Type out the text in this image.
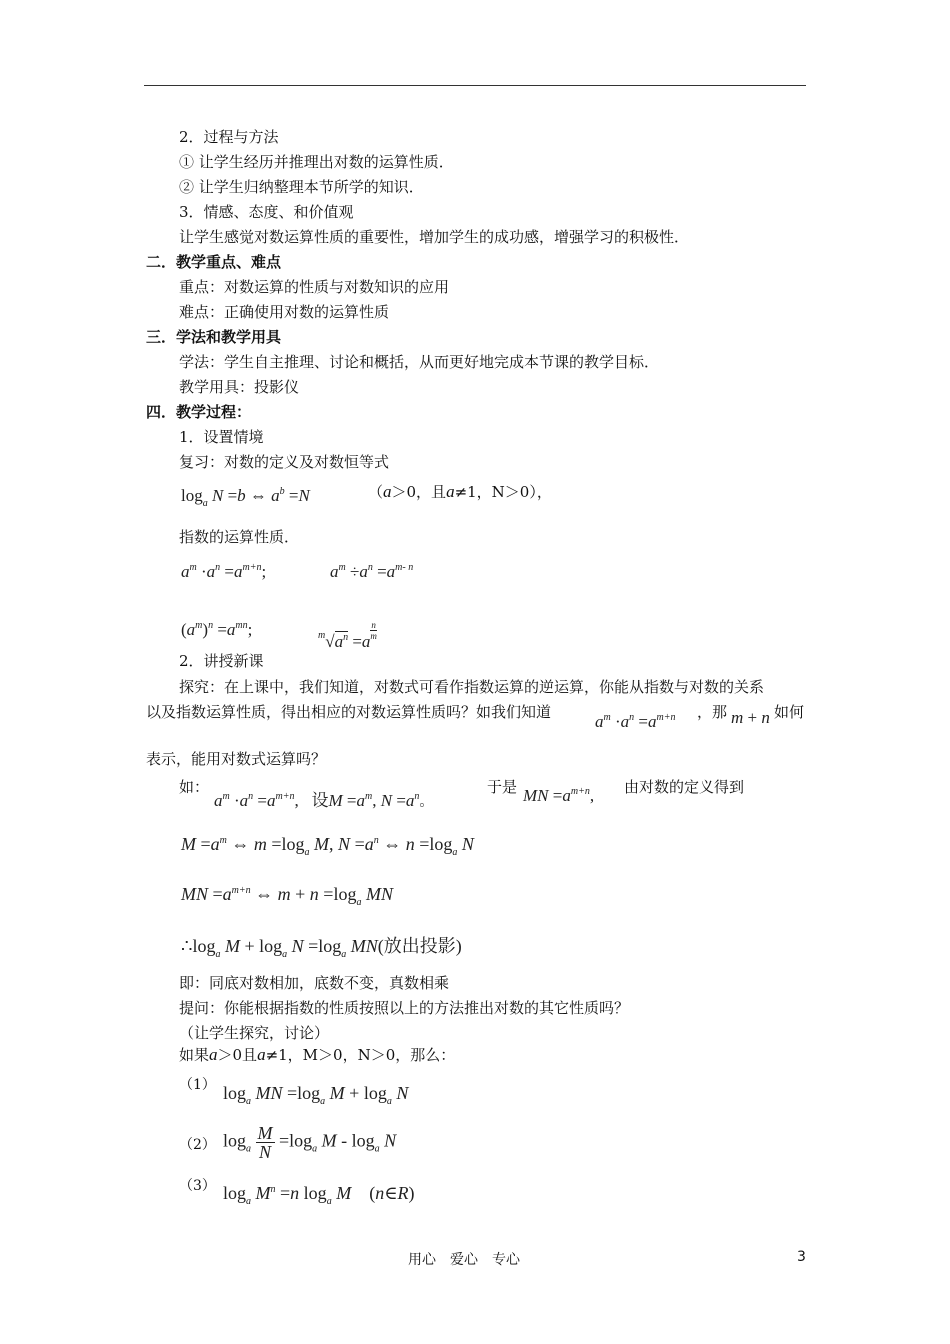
2．过程与方法
① 让学生经历并推理出对数的运算性质．
② 让学生归纳整理本节所学的知识．
3．情感、态度、和价值观
让学生感觉对数运算性质的重要性，增加学生的成功感，增强学习的积极性．
二．教学重点、难点
重点：对数运算的性质与对数知识的应用
难点：正确使用对数的运算性质
三．学法和教学用具
学法：学生自主推理、讨论和概括，从而更好地完成本节课的教学目标．
教学用具：投影仪
四．教学过程：
1．设置情境
复习：对数的定义及对数恒等式
$\log_a N =b$ ⇔ $a^b =N$	（a＞0，且a≠1，N＞0），
指数的运算性质．
$a^m \cdot a^n =a^{m+n}$;	$a^m \div a^n =a^{m- n}$
$(a^m)^n =a^{mn}$;	$^m√a^n =a$
$\frac{n}{m}$
2．讲授新课
探究：在上课中，我们知道，对数式可看作指数运算的逆运算，你能从指数与对数的关系
以及指数运算性质，得出相应的对数运算性质吗？如我们知道	$a^m \cdot a^n =a^{m+n}$ ，那 m + n 如何
表示，能用对数式运算吗？
如：
$a^m \cdot a^n =a^{m+n}$,   设$M =a^m$, $N =a^n$。
于是 MN $=a^{m+n}$, 由对数的定义得到
$M =a^m$ ⇔ $m =\log_a$ M, $N =a^n$ ⇔ $n =\log_a$ N
MN $=a^{m+n}$ ⇔ $m + n =\log_a$ MN
$\therefore\log_a$ $M + \log_a N =\log_a$ MN(放出投影)
即：同底对数相加，底数不变，真数相乘
提问：你能根据指数的性质按照以上的方法推出对数的其它性质吗？
（让学生探究，讨论）
如果a＞0且a≠1，M＞0，N＞0，那么：
（1） $\log_a$ MN $=\log_a$ $M + \log_a N$
（2） $\log_a \frac{M}{N} =\log_a$ M - $\log_a N$
（3） $\log_a M^n =n$ $\log_a M$    (n∈R)
用心　爱心　专心	3
